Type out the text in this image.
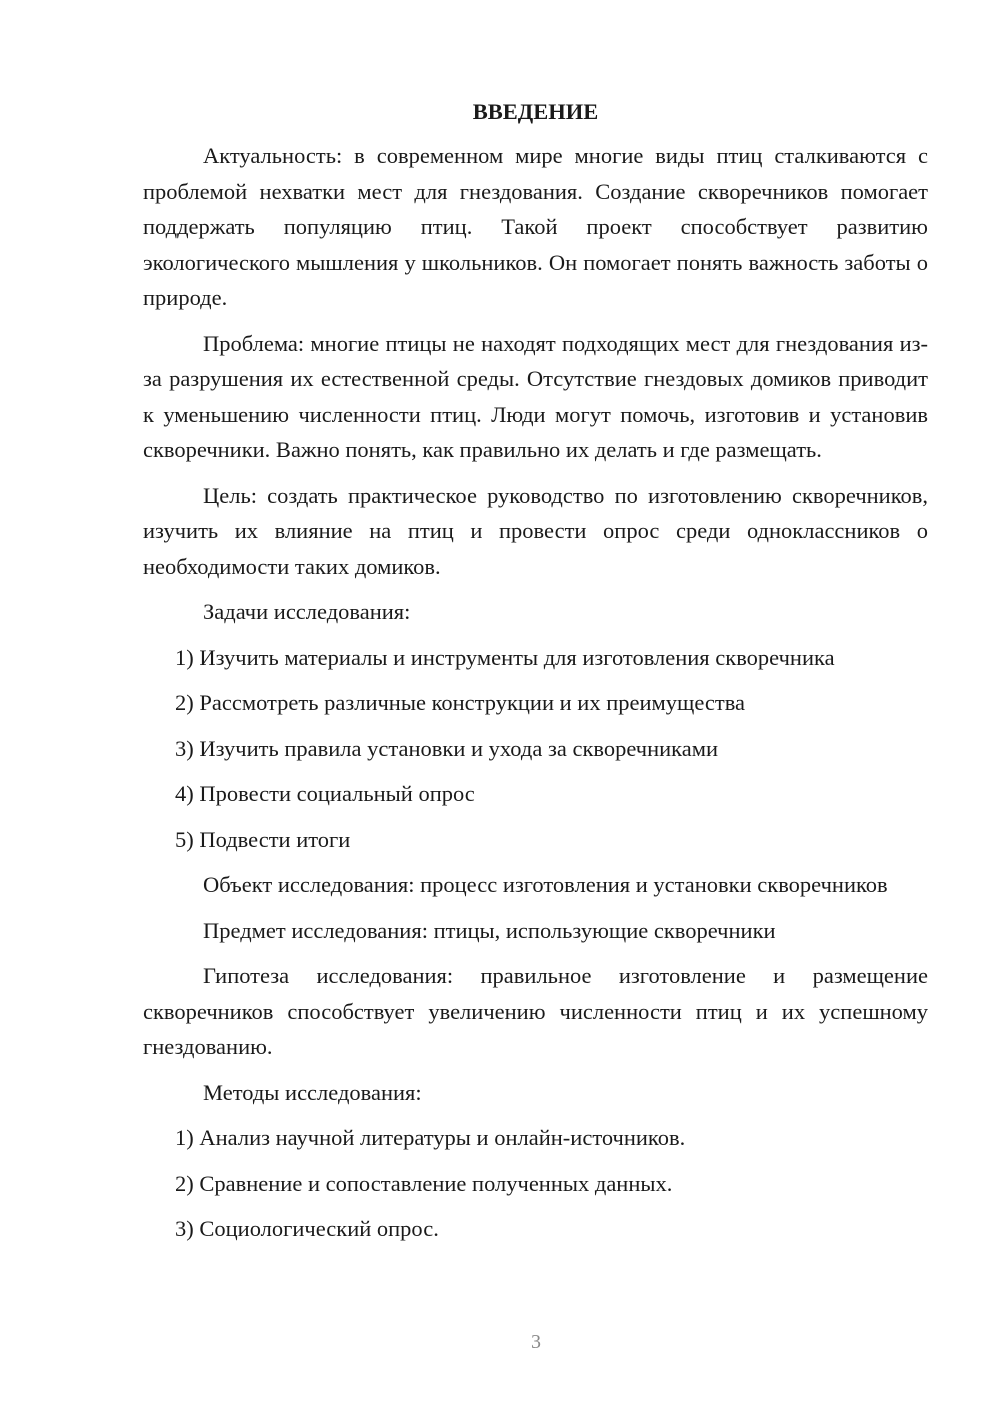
ВВЕДЕНИЕ

Актуальность: в современном мире многие виды птиц сталкиваются с проблемой нехватки мест для гнездования. Создание скворечников помогает поддержать популяцию птиц. Такой проект способствует развитию экологического мышления у школьников. Он помогает понять важность заботы о природе.

Проблема: многие птицы не находят подходящих мест для гнездования из-за разрушения их естественной среды. Отсутствие гнездовых домиков приводит к уменьшению численности птиц. Люди могут помочь, изготовив и установив скворечники. Важно понять, как правильно их делать и где размещать.

Цель: создать практическое руководство по изготовлению скворечников, изучить их влияние на птиц и провести опрос среди одноклассников о необходимости таких домиков.

Задачи исследования:

1) Изучить материалы и инструменты для изготовления скворечника
2) Рассмотреть различные конструкции и их преимущества
3) Изучить правила установки и ухода за скворечниками
4) Провести социальный опрос
5) Подвести итоги

Объект исследования: процесс изготовления и установки скворечников

Предмет исследования: птицы, использующие скворечники

Гипотеза исследования: правильное изготовление и размещение скворечников способствует увеличению численности птиц и их успешному гнездованию.

Методы исследования:

1) Анализ научной литературы и онлайн-источников.
2) Сравнение и сопоставление полученных данных.
3) Социологический опрос.
3
